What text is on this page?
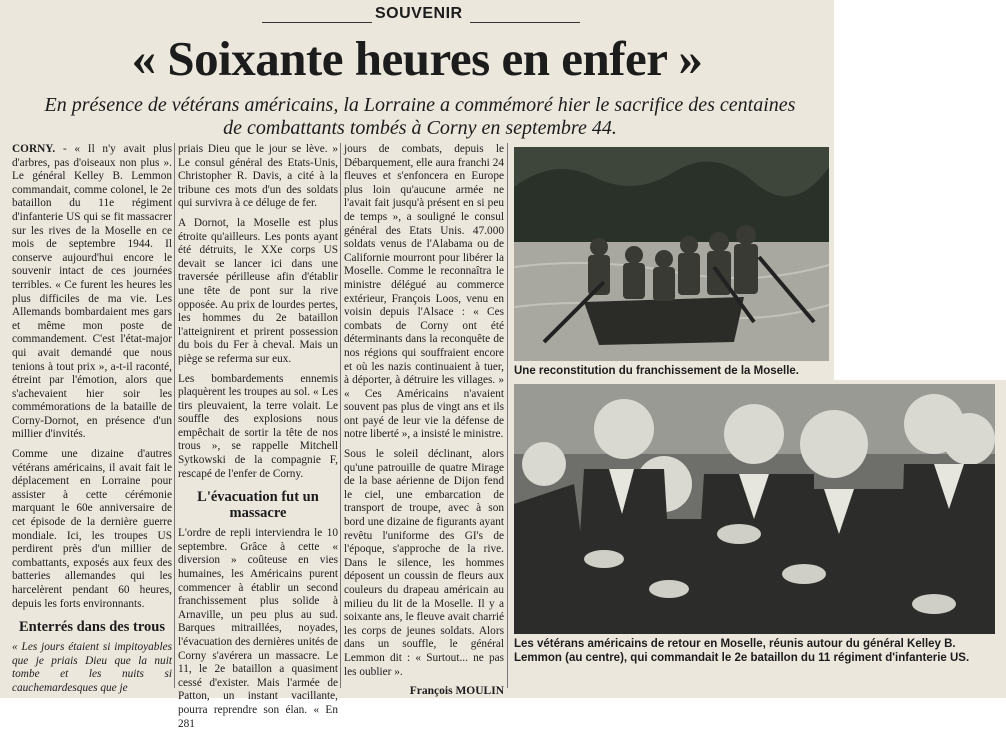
SOUVENIR
« Soixante heures en enfer »
En présence de vétérans américains, la Lorraine a commémoré hier le sacrifice des centaines de combattants tombés à Corny en septembre 44.

CORNY. - « Il n'y avait plus d'arbres, pas d'oiseaux non plus ». Le général Kelley B. Lemmon commandait, comme colonel, le 2e bataillon du 11e régiment d'infanterie US qui se fit massacrer sur les rives de la Moselle en ce mois de septembre 1944. Il conserve aujourd'hui encore le souvenir intact de ces journées terribles. « Ce furent les heures les plus difficiles de ma vie. Les Allemands bombardaient mes gars et même mon poste de commandement. C'est l'état-major qui avait demandé que nous tenions à tout prix », a-t-il raconté, étreint par l'émotion, alors que s'achevaient hier soir les commémorations de la bataille de Corny-Dornot, en présence d'un millier d'invités.

Comme une dizaine d'autres vétérans américains, il avait fait le déplacement en Lorraine pour assister à cette cérémonie marquant le 60e anniversaire de cet épisode de la dernière guerre mondiale. Ici, les troupes US perdirent près d'un millier de combattants, exposés aux feux des batteries allemandes qui les harcelèrent pendant 60 heures, depuis les forts environnants.

Enterrés dans des trous

« Les jours étaient si impitoyables que je priais Dieu que la nuit tombe et les nuits si cauchemardesques que je

priais Dieu que le jour se lève. » Le consul général des Etats-Unis, Christopher R. Davis, a cité à la tribune ces mots d'un des soldats qui survivra à ce déluge de fer.

A Dornot, la Moselle est plus étroite qu'ailleurs. Les ponts ayant été détruits, le XXe corps US devait se lancer ici dans une traversée périlleuse afin d'établir une tête de pont sur la rive opposée. Au prix de lourdes pertes, les hommes du 2e bataillon l'atteignirent et prirent possession du bois du Fer à cheval. Mais un piège se referma sur eux.

Les bombardements ennemis plaquèrent les troupes au sol. « Les tirs pleuvaient, la terre volait. Le souffle des explosions nous empêchait de sortir la tête de nos trous », se rappelle Mitchell Sytkowski de la compagnie F, rescapé de l'enfer de Corny.

L'évacuation fut un massacre

L'ordre de repli interviendra le 10 septembre. Grâce à cette « diversion » coûteuse en vies humaines, les Américains purent commencer à établir un second franchissement plus solide à Arnaville, un peu plus au sud. Barques mitraillées, noyades, l'évacuation des dernières unités de Corny s'avérera un massacre. Le 11, le 2e bataillon a quasiment cessé d'exister. Mais l'armée de Patton, un instant vacillante, pourra reprendre son élan. « En 281

jours de combats, depuis le Débarquement, elle aura franchi 24 fleuves et s'enfoncera en Europe plus loin qu'aucune armée ne l'avait fait jusqu'à présent en si peu de temps », a souligné le consul général des Etats Unis. 47.000 soldats venus de l'Alabama ou de Californie mourront pour libérer la Moselle. Comme le reconnaîtra le ministre délégué au commerce extérieur, François Loos, venu en voisin depuis l'Alsace : « Ces combats de Corny ont été déterminants dans la reconquête de nos régions qui souffraient encore et où les nazis continuaient à tuer, à déporter, à détruire les villages. » « Ces Américains n'avaient souvent pas plus de vingt ans et ils ont payé de leur vie la défense de notre liberté », a insisté le ministre.

Sous le soleil déclinant, alors qu'une patrouille de quatre Mirage de la base aérienne de Dijon fend le ciel, une embarcation de transport de troupe, avec à son bord une dizaine de figurants ayant revêtu l'uniforme des GI's de l'époque, s'approche de la rive. Dans le silence, les hommes déposent un coussin de fleurs aux couleurs du drapeau américain au milieu du lit de la Moselle. Il y a soixante ans, le fleuve avait charrié les corps de jeunes soldats. Alors dans un souffle, le général Lemmon dit : « Surtout... ne pas les oublier ».

François MOULIN
Une reconstitution du franchissement de la Moselle.
Les vétérans américains de retour en Moselle, réunis autour du général Kelley B. Lemmon (au centre), qui commandait le 2e bataillon du 11 régiment d'infanterie US.
